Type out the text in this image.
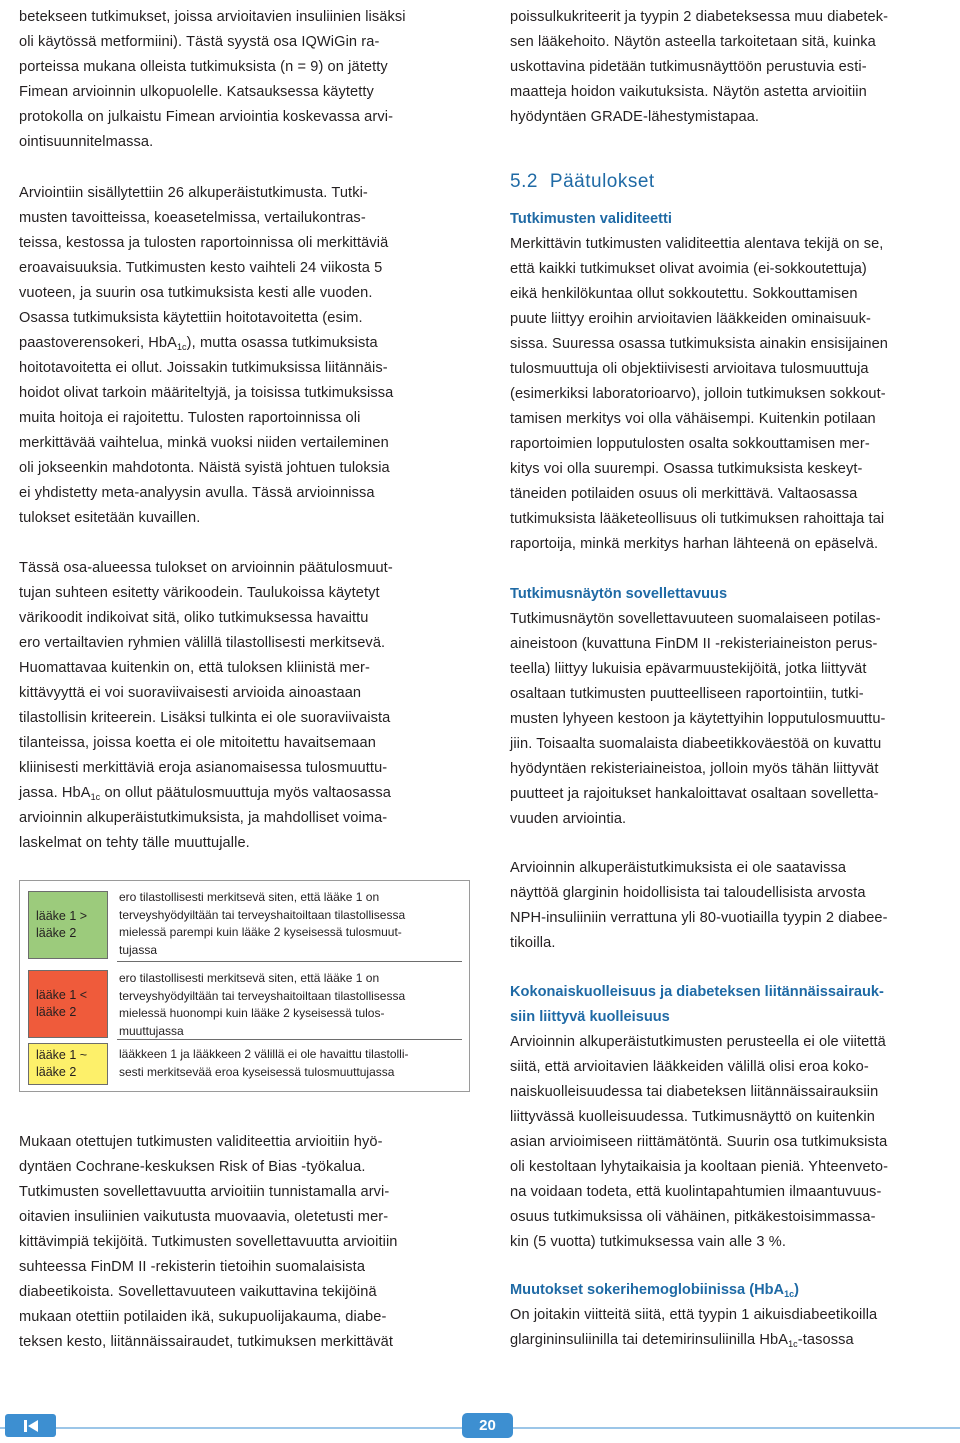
betekseen tutkimukset, joissa arvioitavien insuliinien lisäksi
oli käytössä metformiini). Tästä syystä osa IQWiGin ra-
porteissa mukana olleista tutkimuksista (n = 9) on jätetty
Fimean arvioinnin ulkopuolelle. Katsauksessa käytetty
protokolla on julkaistu Fimean arviointia koskevassa arvi-
ointisuunnitelmassa.

Arviointiin sisällytettiin 26 alkuperäistutkimusta. Tutki-
musten tavoitteissa, koeasetelmissa, vertailukontras-
teissa, kestossa ja tulosten raportoinnissa oli merkittäviä
eroavaisuuksia. Tutkimusten kesto vaihteli 24 viikosta 5
vuoteen, ja suurin osa tutkimuksista kesti alle vuoden.
Osassa tutkimuksista käytettiin hoitotavoitetta (esim.
paastoverensokeri, HbA$_{1c}$), mutta osassa tutkimuksista
hoitotavoitetta ei ollut. Joissakin tutkimuksissa liitännäis-
hoidot olivat tarkoin määriteltyjä, ja toisissa tutkimuksissa
muita hoitoja ei rajoitettu. Tulosten raportoinnissa oli
merkittävää vaihtelua, minkä vuoksi niiden vertaileminen
oli jokseenkin mahdotonta. Näistä syistä johtuen tuloksia
ei yhdistetty meta-analyysin avulla. Tässä arvioinnissa
tulokset esitetään kuvaillen.

Tässä osa-alueessa tulokset on arvioinnin päätulosmuut-
tujan suhteen esitetty värikoodein. Taulukoissa käytetyt
värikoodit indikoivat sitä, oliko tutkimuksessa havaittu
ero vertailtavien ryhmien välillä tilastollisesti merkitsevä.
Huomattavaa kuitenkin on, että tuloksen kliinistä mer-
kittävyyttä ei voi suoraviivaisesti arvioida ainoastaan
tilastollisin kriteerein. Lisäksi tulkinta ei ole suoraviivaista
tilanteissa, joissa koetta ei ole mitoitettu havaitsemaan
kliinisesti merkittäviä eroja asianomaisessa tulosmuuttu-
jassa. HbA$_{1c}$ on ollut päätulosmuuttuja myös valtaosassa
arvioinnin alkuperäistutkimuksista, ja mahdolliset voima-
laskelmat on tehty tälle muuttujalle.

Mukaan otettujen tutkimusten validiteettia arvioitiin hyö-
dyntäen Cochrane-keskuksen Risk of Bias -työkalua.
Tutkimusten sovellettavuutta arvioitiin tunnistamalla arvi-
oitavien insuliinien vaikutusta muovaavia, oletetusti mer-
kittävimpiä tekijöitä. Tutkimusten sovellettavuutta arvioitiin
suhteessa FinDM II -rekisterin tietoihin suomalaisista
diabeetikoista. Sovellettavuuteen vaikuttavina tekijöinä
mukaan otettiin potilaiden ikä, sukupuolijakauma, diabe-
teksen kesto, liitännäissairaudet, tutkimuksen merkittävät

lääke 1 >
lääke 2
ero tilastollisesti merkitsevä siten, että lääke 1 on
terveyshyödyiltään tai terveyshaitoiltaan tilastollisessa
mielessä parempi kuin lääke 2 kyseisessä tulosmuut-
tujassa
lääke 1 <
lääke 2
ero tilastollisesti merkitsevä siten, että lääke 1 on
terveyshyödyiltään tai terveyshaitoiltaan tilastollisessa
mielessä huonompi kuin lääke 2 kyseisessä tulos-
muuttujassa
lääke 1 ~
lääke 2
lääkkeen 1 ja lääkkeen 2 välillä ei ole havaittu tilastolli-
sesti merkitsevää eroa kyseisessä tulosmuuttujassa

poissulkukriteerit ja tyypin 2 diabeteksessa muu diabetek-
sen lääkehoito. Näytön asteella tarkoitetaan sitä, kuinka
uskottavina pidetään tutkimusnäyttöön perustuvia esti-
maatteja hoidon vaikutuksista. Näytön astetta arvioitiin
hyödyntäen GRADE-lähestymistapaa.

5.2 Päätulokset
Tutkimusten validiteetti

Merkittävin tutkimusten validiteettia alentava tekijä on se,
että kaikki tutkimukset olivat avoimia (ei-sokkoutettuja)
eikä henkilökuntaa ollut sokkoutettu. Sokkouttamisen
puute liittyy eroihin arvioitavien lääkkeiden ominaisuuk-
sissa. Suuressa osassa tutkimuksista ainakin ensisijainen
tulosmuuttuja oli objektiivisesti arvioitava tulosmuuttuja
(esimerkiksi laboratorioarvo), jolloin tutkimuksen sokkout-
tamisen merkitys voi olla vähäisempi. Kuitenkin potilaan
raportoimien lopputulosten osalta sokkouttamisen mer-
kitys voi olla suurempi. Osassa tutkimuksista keskeyt-
täneiden potilaiden osuus oli merkittävä. Valtaosassa
tutkimuksista lääketeollisuus oli tutkimuksen rahoittaja tai
raportoija, minkä merkitys harhan lähteenä on epäselvä.

Tutkimusnäytön sovellettavuus

Tutkimusnäytön sovellettavuuteen suomalaiseen potilas-
aineistoon (kuvattuna FinDM II -rekisteriaineiston perus-
teella) liittyy lukuisia epävarmuustekijöitä, jotka liittyvät
osaltaan tutkimusten puutteelliseen raportointiin, tutki-
musten lyhyeen kestoon ja käytettyihin lopputulosmuuttu-
jiin. Toisaalta suomalaista diabeetikkoväestöä on kuvattu
hyödyntäen rekisteriaineistoa, jolloin myös tähän liittyvät
puutteet ja rajoitukset hankaloittavat osaltaan sovelletta-
vuuden arviointia.

Arvioinnin alkuperäistutkimuksista ei ole saatavissa
näyttöä glarginin hoidollisista tai taloudellisista arvosta
NPH-insuliiniin verrattuna yli 80-vuotiailla tyypin 2 diabee-
tikoilla.

Kokonaiskuolleisuus ja diabeteksen liitännäissairauk-
siin liittyvä kuolleisuus

Arvioinnin alkuperäistutkimusten perusteella ei ole viitettä
siitä, että arvioitavien lääkkeiden välillä olisi eroa koko-
naiskuolleisuudessa tai diabeteksen liitännäissairauksiin
liittyvässä kuolleisuudessa. Tutkimusnäyttö on kuitenkin
asian arvioimiseen riittämätöntä. Suurin osa tutkimuksista
oli kestoltaan lyhytaikaisia ja kooltaan pieniä. Yhteenveto-
na voidaan todeta, että kuolintapahtumien ilmaantuvuus-
osuus tutkimuksissa oli vähäinen, pitkäkestoisimmassa-
kin (5 vuotta) tutkimuksessa vain alle 3 %.

Muutokset sokerihemoglobiinissa (HbA$_{1c}$)

On joitakin viitteitä siitä, että tyypin 1 aikuisdiabeetikoilla
glargininsuliinilla tai detemirinsuliinilla HbA$_{1c}$-tasossa

20
